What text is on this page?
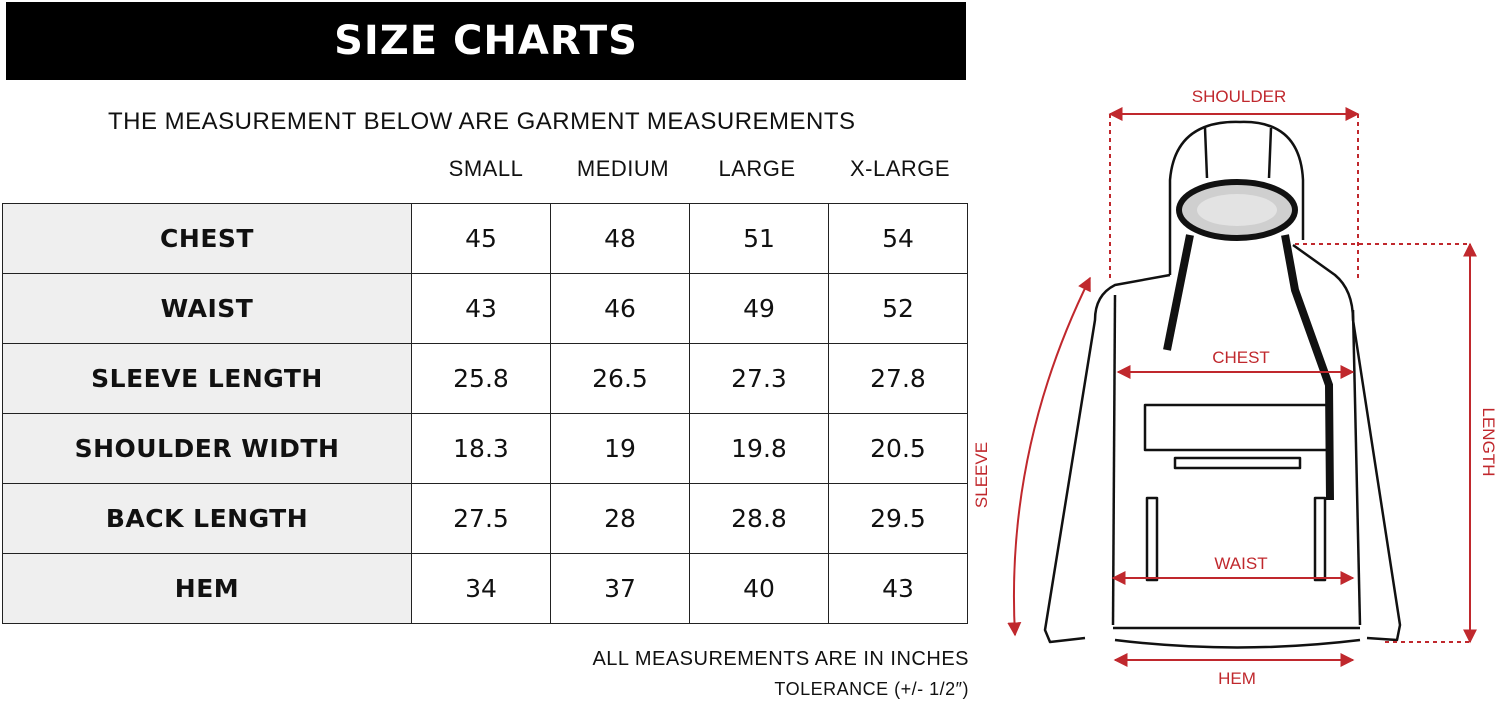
SIZE CHARTS
THE MEASUREMENT BELOW ARE GARMENT MEASUREMENTS
SMALL	MEDIUM	LARGE	X-LARGE
CHEST	45	48	51	54
WAIST	43	46	49	52
SLEEVE LENGTH	25.8	26.5	27.3	27.8
SHOULDER WIDTH	18.3	19	19.8	20.5
BACK LENGTH	27.5	28	28.8	29.5
HEM	34	37	40	43
ALL MEASUREMENTS ARE IN INCHES
TOLERANCE (+/- 1/2″)
SHOULDER
CHEST
WAIST
HEM
SLEEVE	LENGTH
